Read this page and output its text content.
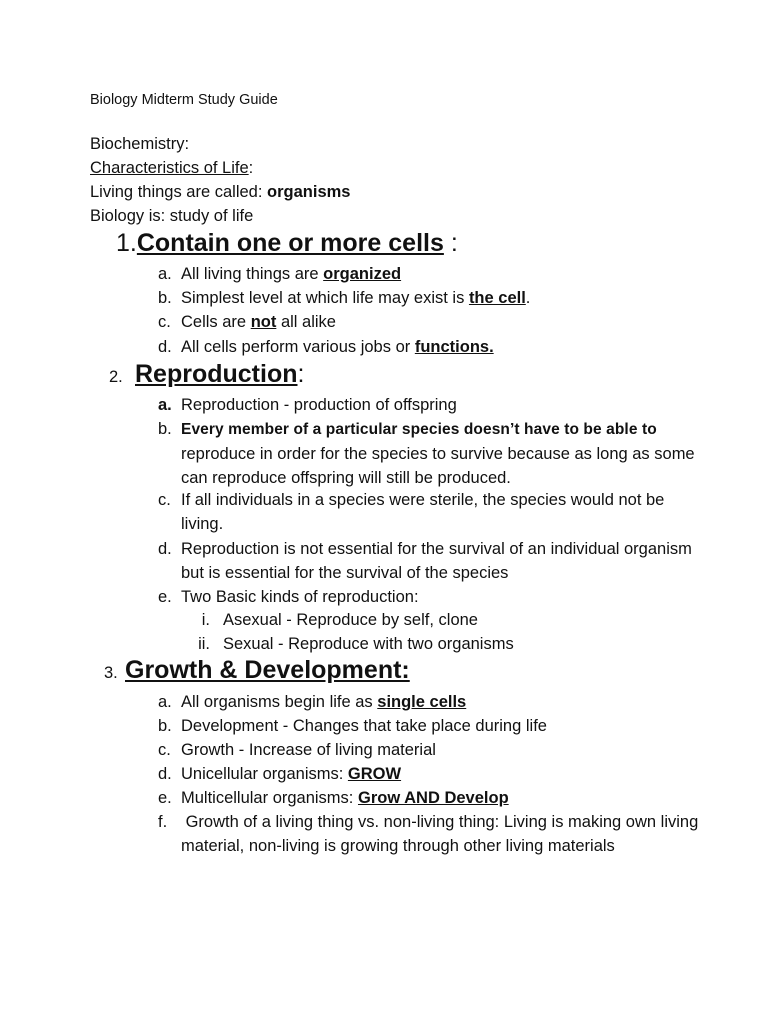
Biology Midterm Study Guide
Biochemistry:
Characteristics of Life:
Living things are called: organisms
Biology is: study of life
1.Contain one or more cells :
a. All living things are organized
b. Simplest level at which life may exist is the cell.
c. Cells are not all alike
d. All cells perform various jobs or functions.
2. Reproduction:
a. Reproduction - production of offspring
b. Every member of a particular species doesn’t have to be able to reproduce in order for the species to survive because as long as some can reproduce offspring will still be produced.
c. If all individuals in a species were sterile, the species would not be living.
d. Reproduction is not essential for the survival of an individual organism but is essential for the survival of the species
e. Two Basic kinds of reproduction:
i. Asexual - Reproduce by self, clone
ii. Sexual - Reproduce with two organisms
3. Growth & Development:
a. All organisms begin life as single cells
b. Development - Changes that take place during life
c. Growth - Increase of living material
d. Unicellular organisms: GROW
e. Multicellular organisms: Grow AND Develop
f. Growth of a living thing vs. non-living thing: Living is making own living material, non-living is growing through other living materials
